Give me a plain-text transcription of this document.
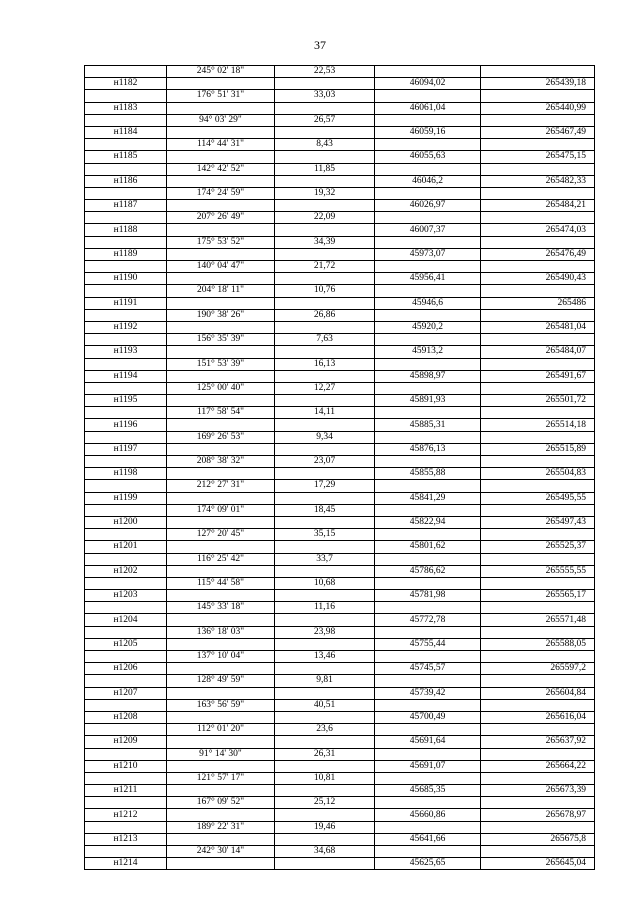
37
	245° 02' 18"	22,53		
н1182			46094,02	265439,18
	176° 51' 31"	33,03		
н1183			46061,04	265440,99
	94° 03' 29"	26,57		
н1184			46059,16	265467,49
	114° 44' 31"	8,43		
н1185			46055,63	265475,15
	142° 42' 52"	11,85		
н1186			46046,2	265482,33
	174° 24' 59"	19,32		
н1187			46026,97	265484,21
	207° 26' 49"	22,09		
н1188			46007,37	265474,03
	175° 53' 52"	34,39		
н1189			45973,07	265476,49
	140° 04' 47"	21,72		
н1190			45956,41	265490,43
	204° 18' 11"	10,76		
н1191			45946,6	265486
	190° 38' 26"	26,86		
н1192			45920,2	265481,04
	156° 35' 39"	7,63		
н1193			45913,2	265484,07
	151° 53' 39"	16,13		
н1194			45898,97	265491,67
	125° 00' 40"	12,27		
н1195			45891,93	265501,72
	117° 58' 54"	14,11		
н1196			45885,31	265514,18
	169° 26' 53"	9,34		
н1197			45876,13	265515,89
	208° 38' 32"	23,07		
н1198			45855,88	265504,83
	212° 27' 31"	17,29		
н1199			45841,29	265495,55
	174° 09' 01"	18,45		
н1200			45822,94	265497,43
	127° 20' 45"	35,15		
н1201			45801,62	265525,37
	116° 25' 42"	33,7		
н1202			45786,62	265555,55
	115° 44' 58"	10,68		
н1203			45781,98	265565,17
	145° 33' 18"	11,16		
н1204			45772,78	265571,48
	136° 18' 03"	23,98		
н1205			45755,44	265588,05
	137° 10' 04"	13,46		
н1206			45745,57	265597,2
	128° 49' 59"	9,81		
н1207			45739,42	265604,84
	163° 56' 59"	40,51		
н1208			45700,49	265616,04
	112° 01' 20"	23,6		
н1209			45691,64	265637,92
	91° 14' 30"	26,31		
н1210			45691,07	265664,22
	121° 57' 17"	10,81		
н1211			45685,35	265673,39
	167° 09' 52"	25,12		
н1212			45660,86	265678,97
	189° 22' 31"	19,46		
н1213			45641,66	265675,8
	242° 30' 14"	34,68		
н1214			45625,65	265645,04
